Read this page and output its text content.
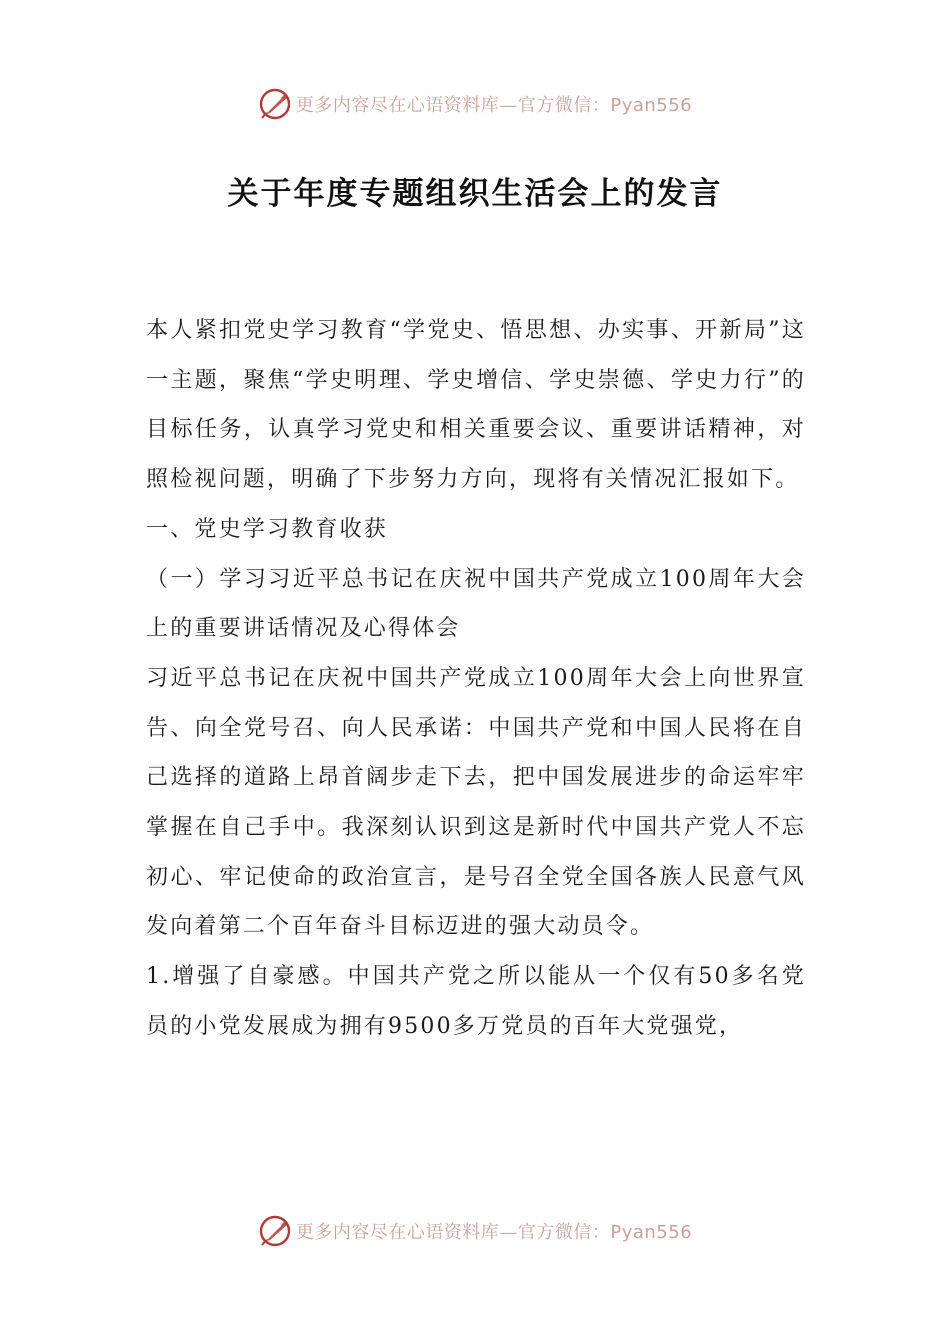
更多内容尽在心语资料库—官方微信：Pyan556
关于年度专题组织生活会上的发言

本人紧扣党史学习教育“学党史、悟思想、办实事、开新局”这一主题，聚焦“学史明理、学史增信、学史崇德、学史力行”的目标任务，认真学习党史和相关重要会议、重要讲话精神，对照检视问题，明确了下步努力方向，现将有关情况汇报如下。

一、党史学习教育收获

（一）学习习近平总书记在庆祝中国共产党成立100周年大会上的重要讲话情况及心得体会

习近平总书记在庆祝中国共产党成立100周年大会上向世界宣告、向全党号召、向人民承诺：中国共产党和中国人民将在自己选择的道路上昂首阔步走下去，把中国发展进步的命运牢牢掌握在自己手中。我深刻认识到这是新时代中国共产党人不忘初心、牢记使命的政治宣言，是号召全党全国各族人民意气风发向着第二个百年奋斗目标迈进的强大动员令。

1.增强了自豪感。中国共产党之所以能从一个仅有50多名党员的小党发展成为拥有9500多万党员的百年大党强党，

更多内容尽在心语资料库—官方微信：Pyan556
